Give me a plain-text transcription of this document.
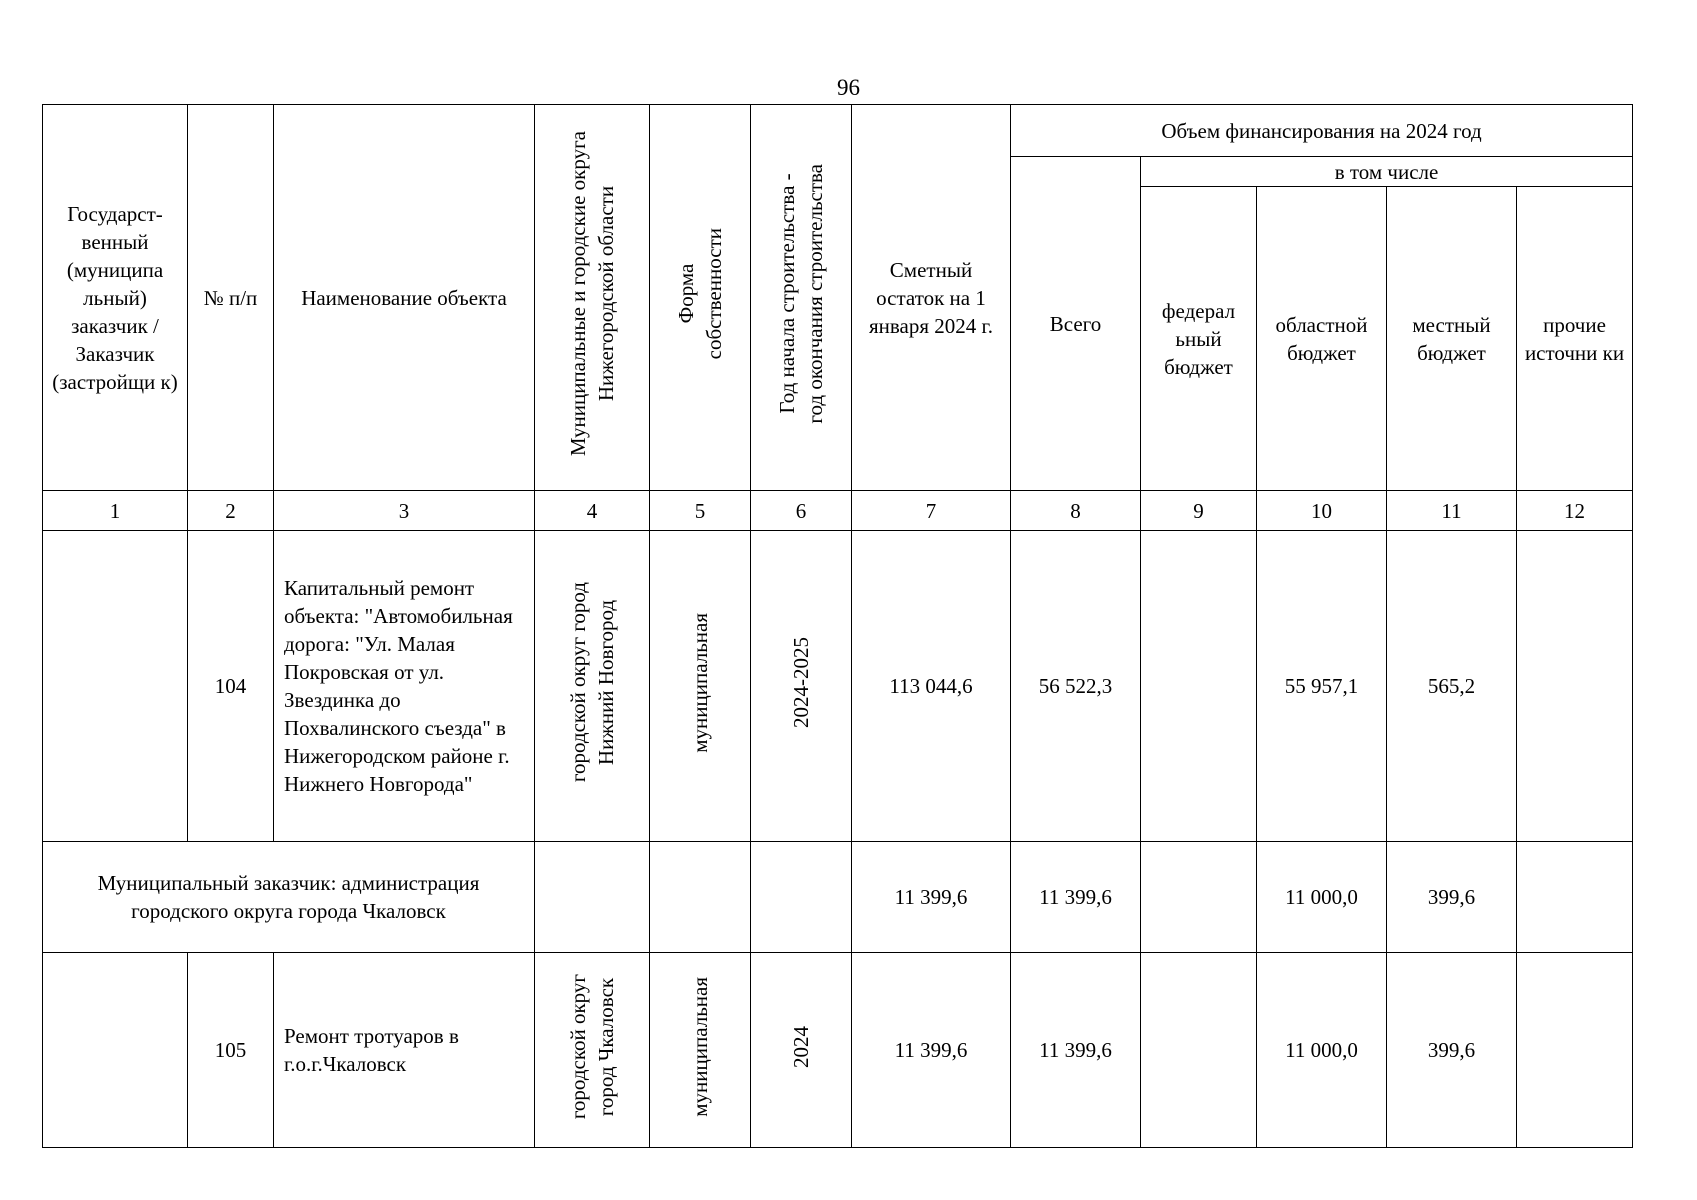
96
Государст-венный (муниципа льный) заказчик / Заказчик (застройщи к)	№ п/п	Наименование объекта	Муниципальные и городские округа Нижегородской области	Форма собственности	Год начала строительства - год окончания строительства	Сметный остаток на 1 января 2024 г.	Объем финансирования на 2024 год				
							Всего	в том числе			
								федерал ьный бюджет	областной бюджет	местный бюджет	прочие источни ки
1	2	3	4	5	6	7	8	9	10	11	12
	104	Капитальный ремонт объекта: "Автомобильная дорога: "Ул. Малая Покровская от ул. Звездинка до Похвалинского съезда" в Нижегородском районе г. Нижнего Новгорода"	городской округ город Нижний Новгород	муниципальная	2024-2025	113 044,6	56 522,3		55 957,1	565,2	
Муниципальный заказчик: администрация городского округа города Чкаловск						11 399,6	11 399,6		11 000,0	399,6	
	105	Ремонт тротуаров в г.о.г.Чкаловск	городской округ город Чкаловск	муниципальная	2024	11 399,6	11 399,6		11 000,0	399,6	
